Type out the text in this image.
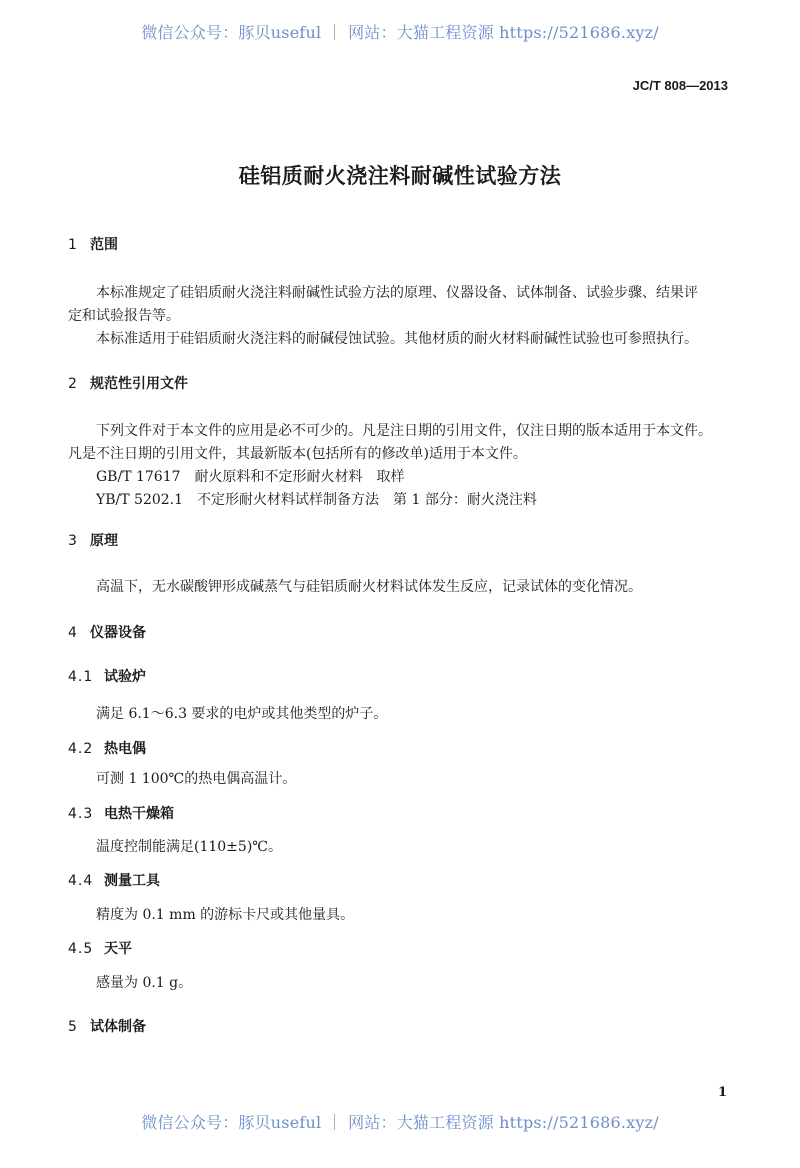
微信公众号：豚贝useful ｜ 网站：大猫工程资源 https://521686.xyz/
JC/T 808—2013
硅铝质耐火浇注料耐碱性试验方法
1 范围
本标准规定了硅铝质耐火浇注料耐碱性试验方法的原理、仪器设备、试体制备、试验步骤、结果评
定和试验报告等。
本标准适用于硅铝质耐火浇注料的耐碱侵蚀试验。其他材质的耐火材料耐碱性试验也可参照执行。
2 规范性引用文件
下列文件对于本文件的应用是必不可少的。凡是注日期的引用文件，仅注日期的版本适用于本文件。
凡是不注日期的引用文件，其最新版本(包括所有的修改单)适用于本文件。
GB/T 17617　耐火原料和不定形耐火材料　取样
YB/T 5202.1　不定形耐火材料试样制备方法　第 1 部分：耐火浇注料
3 原理
高温下，无水碳酸钾形成碱蒸气与硅铝质耐火材料试体发生反应，记录试体的变化情况。
4 仪器设备
4.1 试验炉
满足 6.1～6.3 要求的电炉或其他类型的炉子。
4.2 热电偶
可测 1 100℃的热电偶高温计。
4.3 电热干燥箱
温度控制能满足(110±5)℃。
4.4 测量工具
精度为 0.1 mm 的游标卡尺或其他量具。
4.5 天平
感量为 0.1 g。
5 试体制备
1
微信公众号：豚贝useful ｜ 网站：大猫工程资源 https://521686.xyz/
